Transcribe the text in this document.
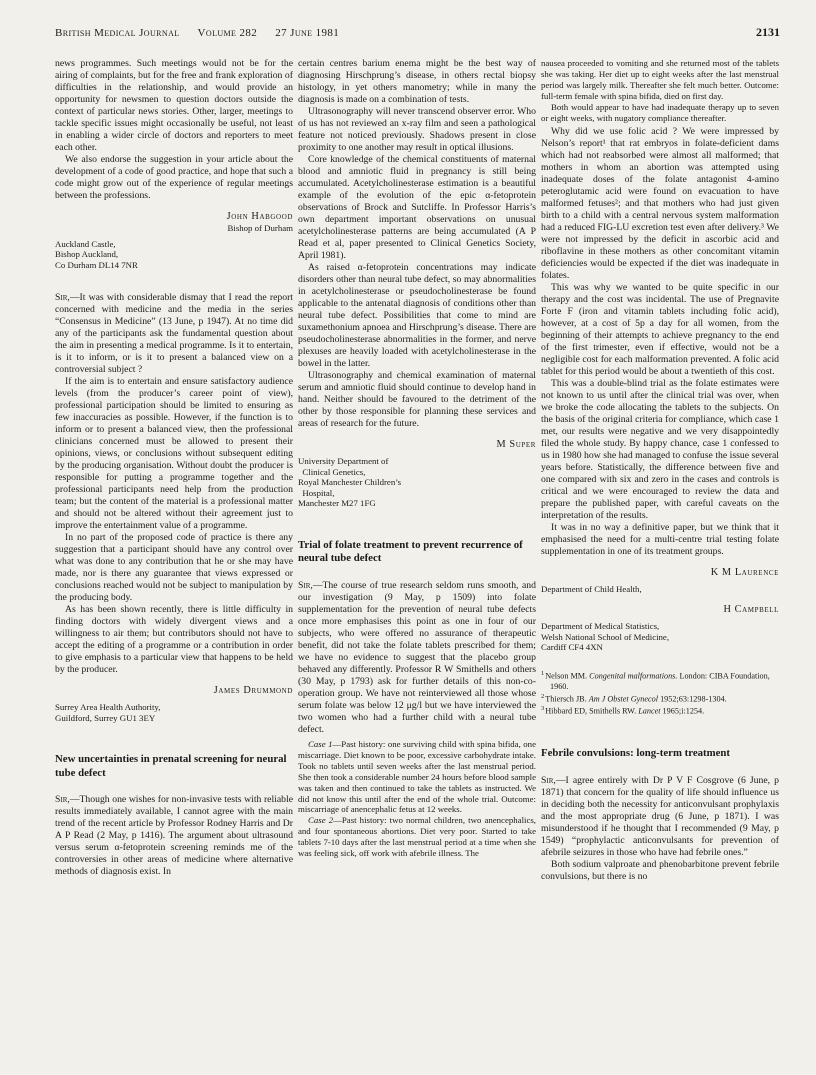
British Medical Journal Volume 282 27 June 1981	2131

news programmes. Such meetings would not be for the airing of complaints, but for the free and frank exploration of difficulties in the relationship, and would provide an opportunity for newsmen to question doctors outside the context of particular news stories. Other, larger, meetings to tackle specific issues might occasionally be useful, not least in enabling a wider circle of doctors and reporters to meet each other.

We also endorse the suggestion in your article about the development of a code of good practice, and hope that such a code might grow out of the experience of regular meetings between the professions.

John Habgood
Bishop of Durham
Auckland Castle,
Bishop Auckland,
Co Durham DL14 7NR

Sir,—It was with considerable dismay that I read the report concerned with medicine and the media in the series “Consensus in Medicine” (13 June, p 1947). At no time did any of the participants ask the fundamental question about the aim in presenting a medical programme. Is it to entertain, is it to inform, or is it to present a balanced view on a controversial subject ?

If the aim is to entertain and ensure satisfactory audience levels (from the producer’s career point of view), professional participation should be limited to ensuring as few inaccuracies as possible. However, if the function is to inform or to present a balanced view, then the professional clinicians concerned must be allowed to present their opinions, views, or conclusions without subsequent editing by the producing organisation. Without doubt the producer is responsible for putting a programme together and the professional participants need help from the production team; but the content of the material is a professional matter and should not be altered without their agreement just to improve the entertainment value of a programme.

In no part of the proposed code of practice is there any suggestion that a participant should have any control over what was done to any contribution that he or she may have made, nor is there any guarantee that views expressed or conclusions reached would not be subject to manipulation by the producing body.

As has been shown recently, there is little difficulty in finding doctors with widely divergent views and a willingness to air them; but contributors should not have to accept the editing of a programme or a contribution in order to give emphasis to a particular view that happens to be held by the producer.

James Drummond
Surrey Area Health Authority,
Guildford, Surrey GU1 3EY
New uncertainties in prenatal screening for neural tube defect

Sir,—Though one wishes for non-invasive tests with reliable results immediately available, I cannot agree with the main trend of the recent article by Professor Rodney Harris and Dr A P Read (2 May, p 1416). The argument about ultrasound versus serum α-fetoprotein screening reminds me of the controversies in other areas of medicine where alternative methods of diagnosis exist. In

certain centres barium enema might be the best way of diagnosing Hirschprung’s disease, in others rectal biopsy histology, in yet others manometry; while in many the diagnosis is made on a combination of tests.

Ultrasonography will never transcend observer error. Who of us has not reviewed an x-ray film and seen a pathological feature not noticed previously. Shadows present in close proximity to one another may result in optical illusions.

Core knowledge of the chemical constituents of maternal blood and amniotic fluid in pregnancy is still being accumulated. Acetylcholinesterase estimation is a beautiful example of the evolution of the epic α-fetoprotein observations of Brock and Sutcliffe. In Professor Harris’s own department important observations on unusual acetylcholinesterase patterns are being accumulated (A P Read et al, paper presented to Clinical Genetics Society, April 1981).

As raised α-fetoprotein concentrations may indicate disorders other than neural tube defect, so may abnormalities in acetylcholinesterase or pseudocholinesterase be found applicable to the antenatal diagnosis of conditions other than neural tube defect. Possibilities that come to mind are suxamethonium apnoea and Hirschprung’s disease. There are pseudocholinesterase abnormalities in the former, and nerve plexuses are heavily loaded with acetylcholinesterase in the bowel in the latter.

Ultrasonography and chemical examination of maternal serum and amniotic fluid should continue to develop hand in hand. Neither should be favoured to the detriment of the other by those responsible for planning these services and areas of research for the future.

M Super
University Department of
Clinical Genetics,
Royal Manchester Children’s
Hospital,
Manchester M27 1FG
Trial of folate treatment to prevent recurrence of neural tube defect

Sir,—The course of true research seldom runs smooth, and our investigation (9 May, p 1509) into folate supplementation for the prevention of neural tube defects once more emphasises this point as one in four of our subjects, who were offered no assurance of therapeutic benefit, did not take the folate tablets prescribed for them; we have no evidence to suggest that the placebo group behaved any differently. Professor R W Smithells and others (30 May, p 1793) ask for further details of this non-co-operation group. We have not reinterviewed all those whose serum folate was below 12 μg/l but we have interviewed the two women who had a further child with a neural tube defect.

Case 1—Past history: one surviving child with spina bifida, one miscarriage. Diet known to be poor, excessive carbohydrate intake. Took no tablets until seven weeks after the last menstrual period. She then took a considerable number 24 hours before blood sample was taken and then continued to take the tablets as instructed. We did not know this until after the end of the whole trial. Outcome: miscarriage of anencephalic fetus at 12 weeks.

Case 2—Past history: two normal children, two anencephalics, and four spontaneous abortions. Diet very poor. Started to take tablets 7-10 days after the last menstrual period at a time when she was feeling sick, off work with afebrile illness. The

nausea proceeded to vomiting and she returned most of the tablets she was taking. Her diet up to eight weeks after the last menstrual period was largely milk. Thereafter she felt much better. Outcome: full-term female with spina bifida, died on first day.

Both would appear to have had inadequate therapy up to seven or eight weeks, with nugatory compliance thereafter.

Why did we use folic acid ? We were impressed by Nelson’s report¹ that rat embryos in folate-deficient dams which had not reabsorbed were almost all malformed; that mothers in whom an abortion was attempted using inadequate doses of the folate antagonist 4-amino peteroglutamic acid were found on evacuation to have malformed fetuses²; and that mothers who had just given birth to a child with a central nervous system malformation had a reduced FIG-LU excretion test even after delivery.³ We were not impressed by the deficit in ascorbic acid and riboflavine in these mothers as other concomitant vitamin deficiencies would be expected if the diet was inadequate in folates.

This was why we wanted to be quite specific in our therapy and the cost was incidental. The use of Pregnavite Forte F (iron and vitamin tablets including folic acid), however, at a cost of 5p a day for all women, from the beginning of their attempts to achieve pregnancy to the end of the first trimester, even if effective, would not be a negligible cost for each malformation prevented. A folic acid tablet for this period would be about a twentieth of this cost.

This was a double-blind trial as the folate estimates were not known to us until after the clinical trial was over, when we broke the code allocating the tablets to the subjects. On the basis of the original criteria for compliance, which case 1 met, our results were negative and we very disappointedly filed the whole study. By happy chance, case 1 confessed to us in 1980 how she had managed to confuse the issue several years before. Statistically, the difference between five and one compared with six and zero in the cases and controls is critical and we were encouraged to review the data and prepare the published paper, with careful caveats on the interpretation of the results.

It was in no way a definitive paper, but we think that it emphasised the need for a multi-centre trial testing folate supplementation in one of its treatment groups.

K M Laurence
Department of Child Health,
H Campbell
Department of Medical Statistics,
Welsh National School of Medicine,
Cardiff CF4 4XN
$^1$Nelson MM. Congenital malformations. London: CIBA Foundation, 1960.
$^2$Thiersch JB. Am J Obstet Gynecol 1952;63:1298-1304.
$^3$Hibbard ED, Smithells RW. Lancet 1965;i:1254.
Febrile convulsions: long-term treatment

Sir,—I agree entirely with Dr P V F Cosgrove (6 June, p 1871) that concern for the quality of life should influence us in deciding both the necessity for anticonvulsant prophylaxis and the most appropriate drug (6 June, p 1871). I was misunderstood if he thought that I recommended (9 May, p 1549) “prophylactic anticonvulsants for prevention of afebrile seizures in those who have had febrile ones.”

Both sodium valproate and phenobarbitone prevent febrile convulsions, but there is no
